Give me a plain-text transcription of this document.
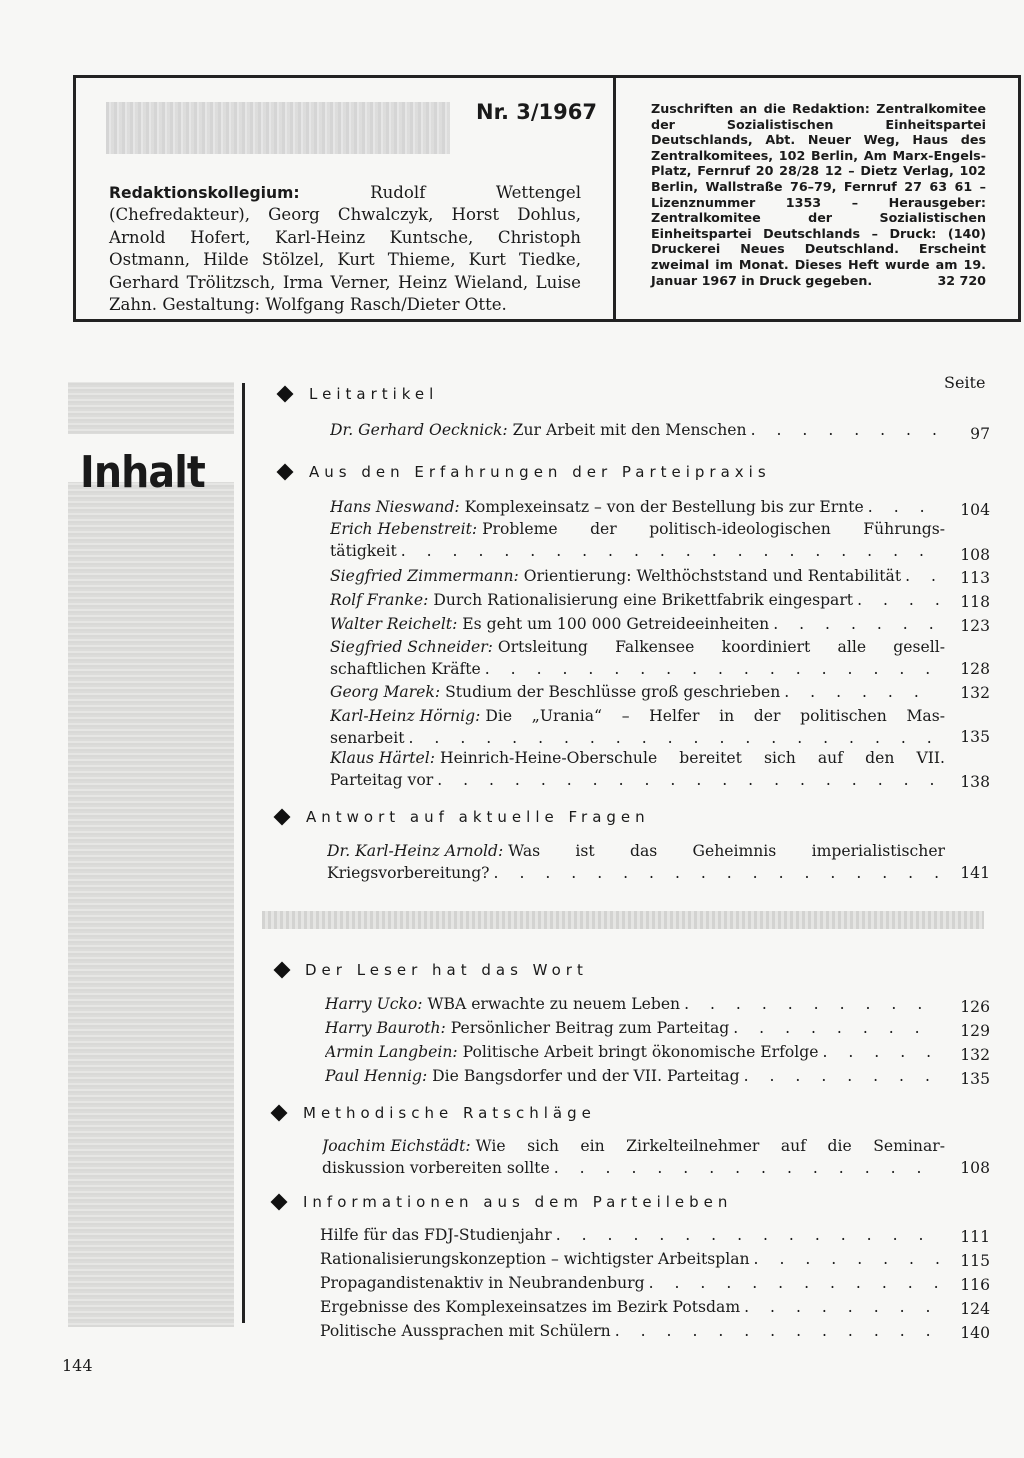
Nr. 3/1967
Redaktionskollegium:	Rudolf Wettengel (Chefredakteur), Georg Chwalczyk, Horst Dohlus, Arnold Hofert, Karl-Heinz Kuntsche, Christoph Ostmann, Hilde Stölzel, Kurt Thieme, Kurt Tiedke, Gerhard Trölitzsch, Irma Verner, Heinz Wieland, Luise Zahn. Gestaltung: Wolfgang Rasch/Dieter Otte.
Zuschriften an die Redaktion: Zentralkomitee der Sozialistischen Einheitspartei Deutschlands, Abt. Neuer Weg, Haus des Zentralkomitees, 102 Berlin, Am Marx-Engels-Platz, Fernruf 20 28/28 12 – Dietz Verlag, 102 Berlin, Wallstraße 76–79, Fernruf 27 63 61 – Lizenznummer 1353 – Herausgeber: Zentralkomitee der Sozialistischen Einheitspartei Deutschlands – Druck: (140) Druckerei Neues Deutschland. Erscheint zweimal im Monat. Dieses Heft wurde am 19. Januar 1967 in Druck gegeben.	32 720
Inhalt
Seite
144
Leitartikel
Dr. Gerhard Oecknick: Zur Arbeit mit den Menschen . . .	97
Aus den Erfahrungen der Parteipraxis
Hans Nieswand: Komplexeinsatz – von der Bestellung bis zur Ernte . . .	104
Erich Hebenstreit: Probleme der politisch-ideologischen Führungs-
tätigkeit . . .	108
Siegfried Zimmermann: Orientierung: Welthöchststand und Rentabilität . . .	113
Rolf Franke: Durch Rationalisierung eine Brikettfabrik eingespart . . .	118
Walter Reichelt: Es geht um 100 000 Getreideeinheiten . . .	123
Siegfried Schneider: Ortsleitung Falkensee koordiniert alle gesell-
schaftlichen Kräfte . . .	128
Georg Marek: Studium der Beschlüsse groß geschrieben . . .	132
Karl-Heinz Hörnig: Die „Urania“ – Helfer in der politischen Mas-
senarbeit . . .	135
Klaus Härtel: Heinrich-Heine-Oberschule bereitet sich auf den VII.
Parteitag vor . . .	138
Antwort auf aktuelle Fragen
Dr. Karl-Heinz Arnold: Was ist das Geheimnis imperialistischer
Kriegsvorbereitung? . . .	141
Der Leser hat das Wort
Harry Ucko: WBA erwachte zu neuem Leben . . .	126
Harry Bauroth: Persönlicher Beitrag zum Parteitag . . .	129
Armin Langbein: Politische Arbeit bringt ökonomische Erfolge . . .	132
Paul Hennig: Die Bangsdorfer und der VII. Parteitag . . .	135
Methodische Ratschläge
Joachim Eichstädt: Wie sich ein Zirkelteilnehmer auf die Seminar-
diskussion vorbereiten sollte . . .	108
Informationen aus dem Parteileben
Hilfe für das FDJ-Studienjahr . . .	111
Rationalisierungskonzeption – wichtigster Arbeitsplan . . .	115
Propagandistenaktiv in Neubrandenburg . . .	116
Ergebnisse des Komplexeinsatzes im Bezirk Potsdam . . .	124
Politische Aussprachen mit Schülern . . .	140
